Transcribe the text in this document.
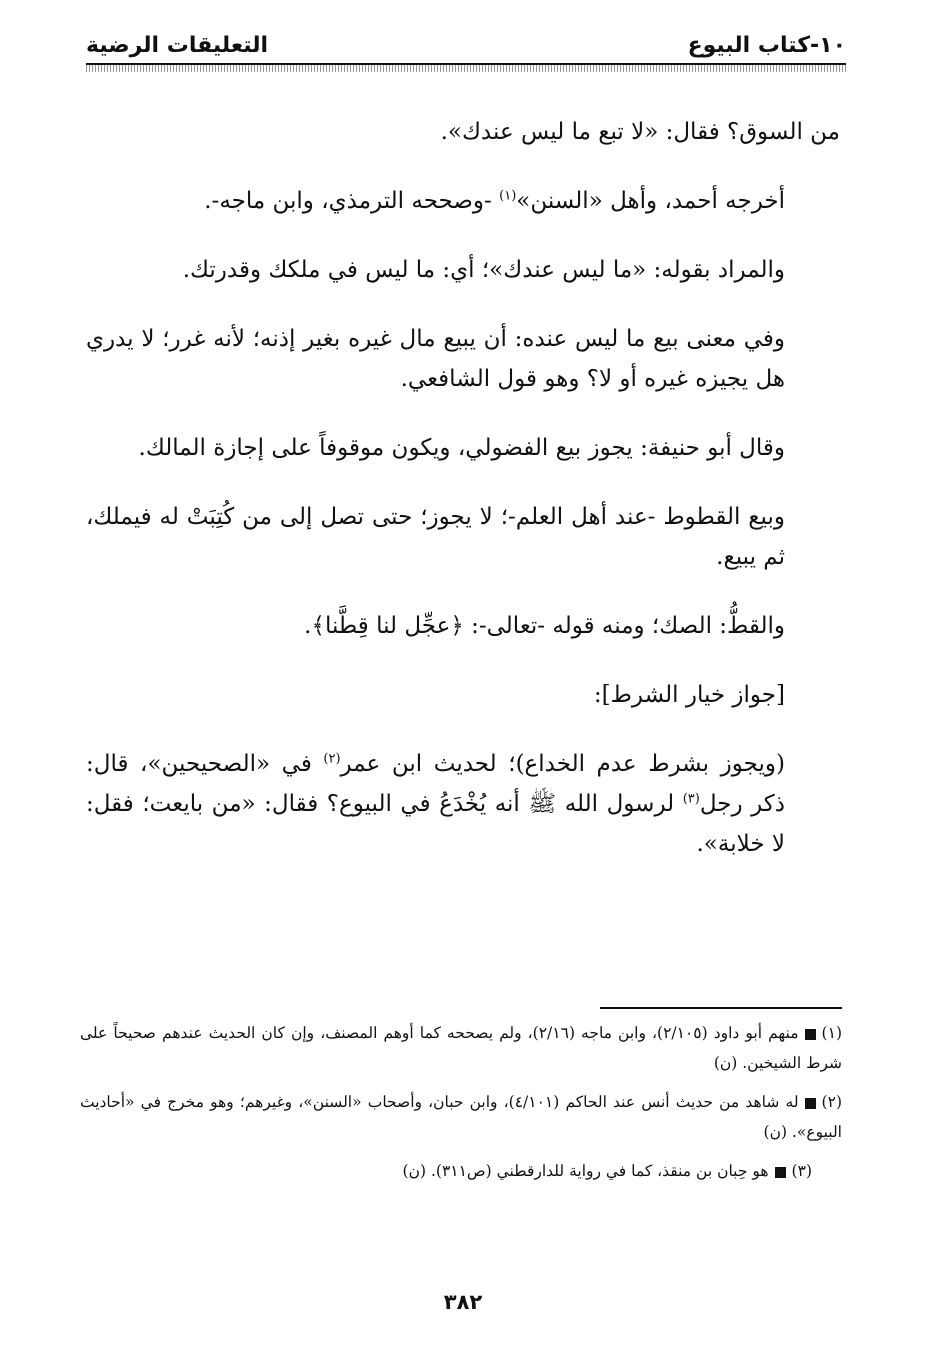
التعليقات الرضية	١٠-كتاب البيوع

من السوق؟ فقال: «لا تبع ما ليس عندك».

أخرجه أحمد، وأهل «السنن»$^{(١)}$ -وصححه الترمذي، وابن ماجه-.

والمراد بقوله: «ما ليس عندك»؛ أي: ما ليس في ملكك وقدرتك.

وفي معنى بيع ما ليس عنده: أن يبيع مال غيره بغير إذنه؛ لأنه غرر؛ لا يدري هل يجيزه غيره أو لا؟ وهو قول الشافعي.

وقال أبو حنيفة: يجوز بيع الفضولي، ويكون موقوفاً على إجازة المالك.

وبيع القطوط -عند أهل العلم-؛ لا يجوز؛ حتى تصل إلى من كُتِبَتْ له فيملك، ثم يبيع.

والقطُّ: الصك؛ ومنه قوله -تعالى-: ﴿عجِّل لنا قِطَّنا﴾.

[جواز خيار الشرط]:

(ويجوز بشرط عدم الخداع)؛ لحديث ابن عمر$^{(٢)}$ في «الصحيحين»، قال: ذكر رجل$^{(٣)}$ لرسول الله ﷺ أنه يُخْدَعُ في البيوع؟ فقال: «من بايعت؛ فقل: لا خلابة».

(١)منهم أبو داود (٢/١٠٥)، وابن ماجه (٢/١٦)، ولم يصححه كما أوهم المصنف، وإن كان الحديث عندهم صحيحاً على شرط الشيخين. (ن)

(٢)له شاهد من حديث أنس عند الحاكم (٤/١٠١)، وابن حبان، وأصحاب «السنن»، وغيرهم؛ وهو مخرج في «أحاديث البيوع». (ن)

(٣)هو حِبان بن منقذ، كما في رواية للدارقطني (ص٣١١). (ن)

٣٨٢
